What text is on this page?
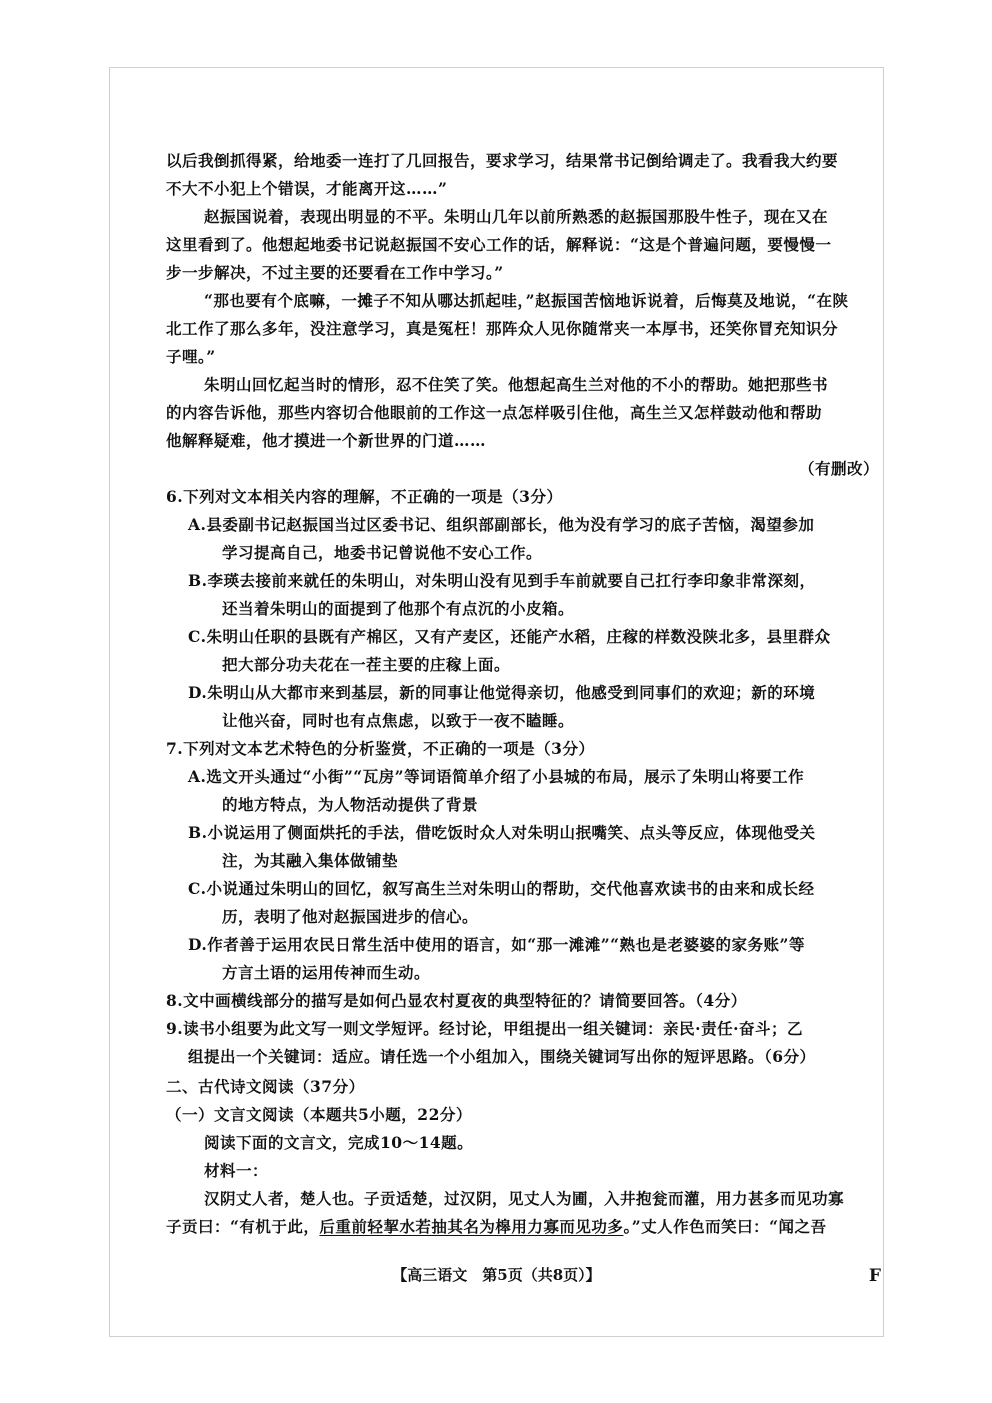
以后我倒抓得紧，给地委一连打了几回报告，要求学习，结果常书记倒给调走了。我看我大约要
不大不小犯上个错误，才能离开这……”
赵振国说着，表现出明显的不平。朱明山几年以前所熟悉的赵振国那股牛性子，现在又在
这里看到了。他想起地委书记说赵振国不安心工作的话，解释说：“这是个普遍问题，要慢慢一
步一步解决，不过主要的还要看在工作中学习。”
“那也要有个底嘛，一摊子不知从哪达抓起哇，”赵振国苦恼地诉说着，后悔莫及地说，“在陕
北工作了那么多年，没注意学习，真是冤枉！那阵众人见你随常夹一本厚书，还笑你冒充知识分
子哩。”
朱明山回忆起当时的情形，忍不住笑了笑。他想起高生兰对他的不小的帮助。她把那些书
的内容告诉他，那些内容切合他眼前的工作这一点怎样吸引住他，高生兰又怎样鼓动他和帮助
他解释疑难，他才摸进一个新世界的门道……
（有删改）
6.下列对文本相关内容的理解，不正确的一项是（3分）
A.县委副书记赵振国当过区委书记、组织部副部长，他为没有学习的底子苦恼，渴望参加
学习提高自己，地委书记曾说他不安心工作。
B.李瑛去接前来就任的朱明山，对朱明山没有见到手车前就要自己扛行李印象非常深刻，
还当着朱明山的面提到了他那个有点沉的小皮箱。
C.朱明山任职的县既有产棉区，又有产麦区，还能产水稻，庄稼的样数没陕北多，县里群众
把大部分功夫花在一茬主要的庄稼上面。
D.朱明山从大都市来到基层，新的同事让他觉得亲切，他感受到同事们的欢迎；新的环境
让他兴奋，同时也有点焦虑，以致于一夜不瞌睡。
7.下列对文本艺术特色的分析鉴赏，不正确的一项是（3分）
A.选文开头通过“小街”“瓦房”等词语简单介绍了小县城的布局，展示了朱明山将要工作
的地方特点，为人物活动提供了背景
B.小说运用了侧面烘托的手法，借吃饭时众人对朱明山抿嘴笑、点头等反应，体现他受关
注，为其融入集体做铺垫
C.小说通过朱明山的回忆，叙写高生兰对朱明山的帮助，交代他喜欢读书的由来和成长经
历，表明了他对赵振国进步的信心。
D.作者善于运用农民日常生活中使用的语言，如“那一滩滩”“熟也是老婆婆的家务账”等
方言土语的运用传神而生动。
8.文中画横线部分的描写是如何凸显农村夏夜的典型特征的？请简要回答。（4分）
9.读书小组要为此文写一则文学短评。经讨论，甲组提出一组关键词：亲民·责任·奋斗；乙
组提出一个关键词：适应。请任选一个小组加入，围绕关键词写出你的短评思路。（6分）
二、古代诗文阅读（37分）
（一）文言文阅读（本题共5小题，22分）
阅读下面的文言文，完成10～14题。
材料一：
汉阴丈人者，楚人也。子贡适楚，过汉阴，见丈人为圃，入井抱瓮而灌，用力甚多而见功寡
子贡曰：“有机于此，后重前轻挈水若抽其名为槔用力寡而见功多。”丈人作色而笑曰：“闻之吾
【高三语文　第5页（共8页）】	F
